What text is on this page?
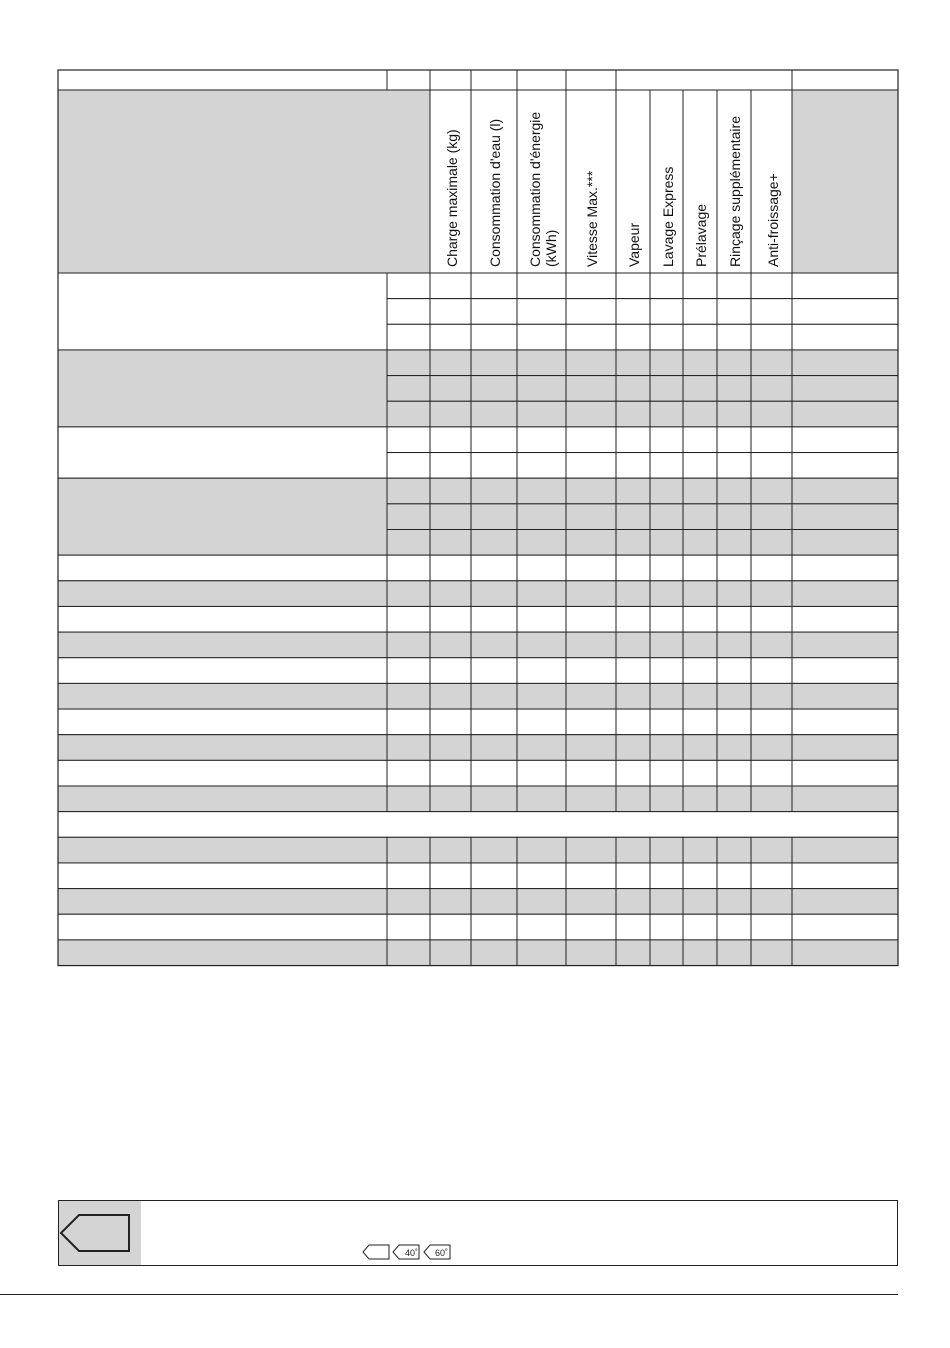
Charge maximale (kg) Consommation d'eau (l) Consommation d'énergie (kWh) Vitesse Max.*** Vapeur Lavage Express Prélavage Rinçage supplémentaire Anti-froissage+
40˚ 60˚
